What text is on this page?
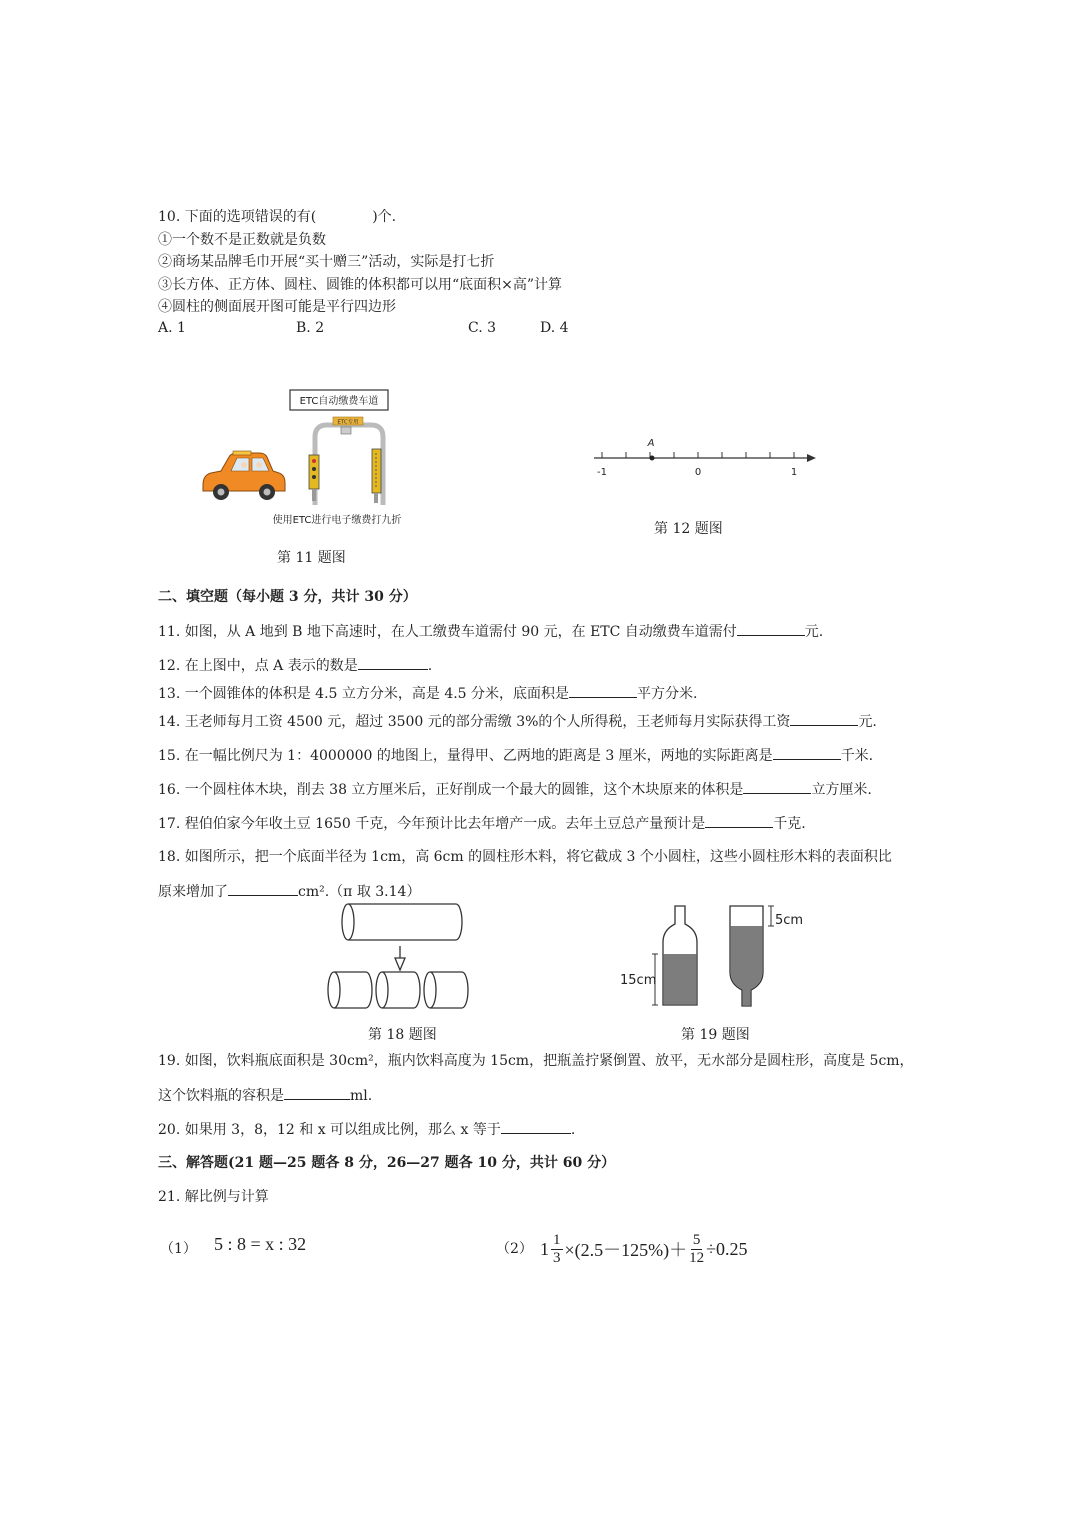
10. 下面的选项错误的有(	)个.
①一个数不是正数就是负数
②商场某品牌毛巾开展“买十赠三”活动，实际是打七折
③长方体、正方体、圆柱、圆锥的体积都可以用“底面积×高”计算
④圆柱的侧面展开图可能是平行四边形
A. 1	B. 2	C. 3	D. 4
ETC自动缴费车道
ETC专用
使用ETC进行电子缴费打九折
第 11 题图
A
-1	0	1
第 12 题图
二、填空题（每小题 3 分，共计 30 分）
11. 如图，从 A 地到 B 地下高速时，在人工缴费车道需付 90 元，在 ETC 自动缴费车道需付	元.
12. 在上图中，点 A 表示的数是	.
13. 一个圆锥体的体积是 4.5 立方分米，高是 4.5 分米，底面积是	平方分米.
14. 王老师每月工资 4500 元，超过 3500 元的部分需缴 3%的个人所得税，王老师每月实际获得工资	元.
15. 在一幅比例尺为 1：4000000 的地图上，量得甲、乙两地的距离是 3 厘米，两地的实际距离是	千米.
16. 一个圆柱体木块，削去 38 立方厘米后，正好削成一个最大的圆锥，这个木块原来的体积是	立方厘米.
17. 程伯伯家今年收土豆 1650 千克，今年预计比去年增产一成。去年土豆总产量预计是	千克.
18. 如图所示，把一个底面半径为 1cm，高 6cm 的圆柱形木料，将它截成 3 个小圆柱，这些小圆柱形木料的表面积比
原来增加了	cm².（π 取 3.14）
第 18 题图
15cm
5cm
第 19 题图
19. 如图，饮料瓶底面积是 30cm²，瓶内饮料高度为 15cm，把瓶盖拧紧倒置、放平，无水部分是圆柱形，高度是 5cm，
这个饮料瓶的容积是	ml.
20. 如果用 3，8，12 和 x 可以组成比例，那么 x 等于	.
三、解答题(21 题—25 题各 8 分，26—27 题各 10 分，共计 60 分）
21. 解比例与计算
（1） 5 : 8 = x : 32	（2） $1 \frac{1}{3} \times(2.5-125\%)+ \frac{5}{12} \div 0.25$
